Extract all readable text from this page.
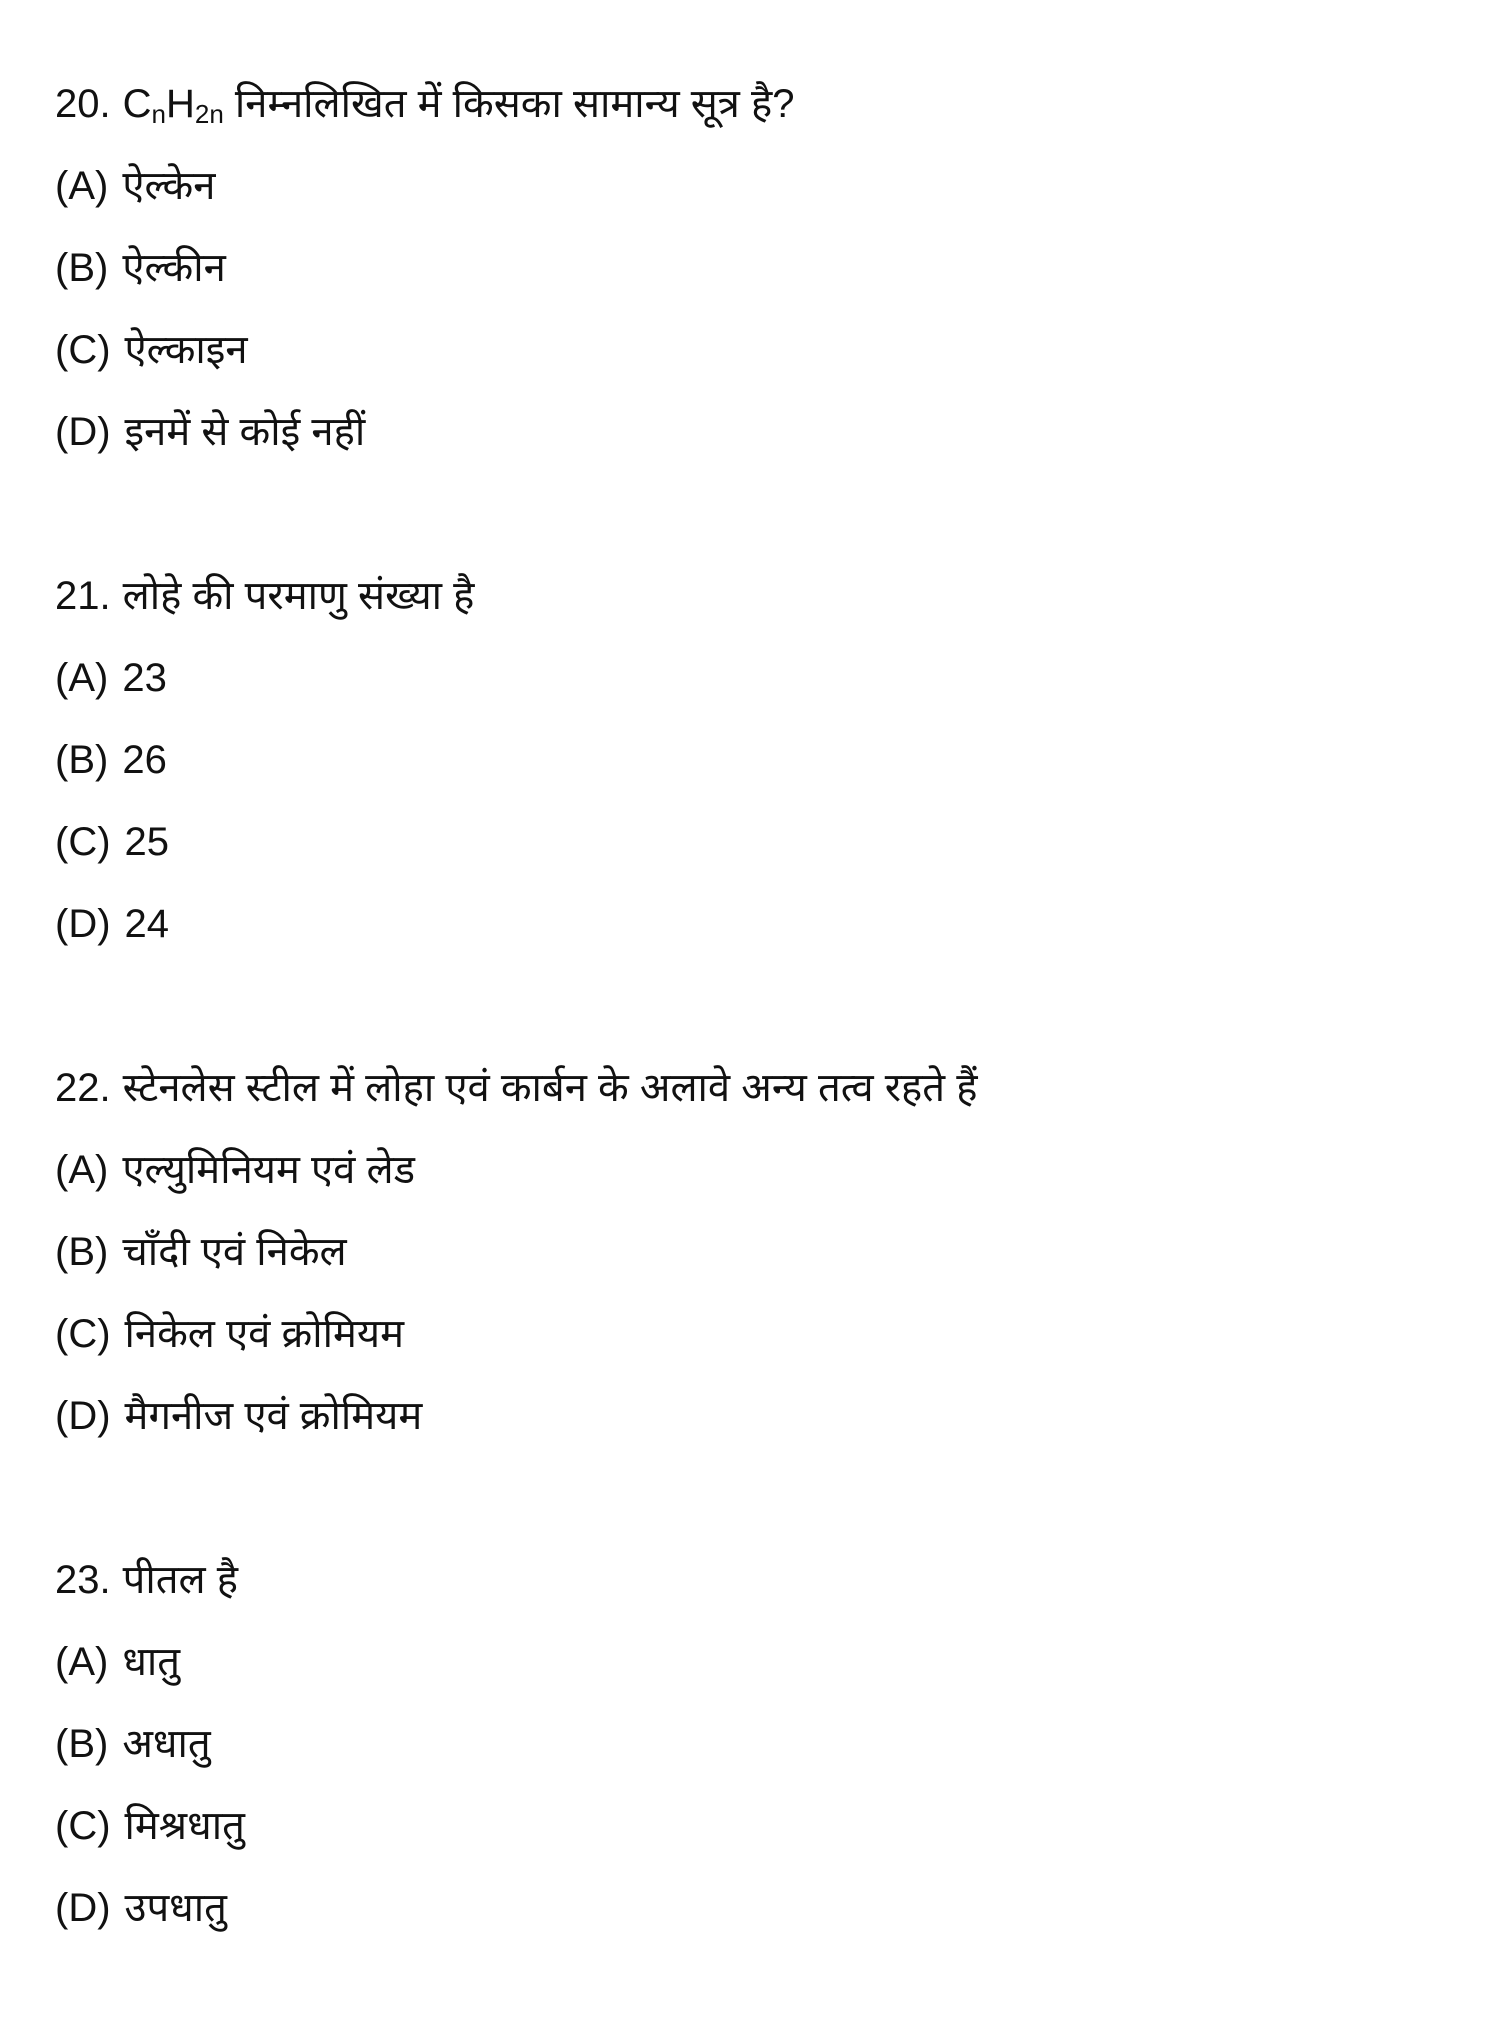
20. $C_nH_{2n}$ निम्नलिखित में किसका सामान्य सूत्र है?
(A) ऐल्केन
(B) ऐल्कीन
(C) ऐल्काइन
(D) इनमें से कोई नहीं
21. लोहे की परमाणु संख्या है
(A) 23
(B) 26
(C) 25
(D) 24
22. स्टेनलेस स्टील में लोहा एवं कार्बन के अलावे अन्य तत्व रहते हैं
(A) एल्युमिनियम एवं लेड
(B) चाँदी एवं निकेल
(C) निकेल एवं क्रोमियम
(D) मैगनीज एवं क्रोमियम
23. पीतल है
(A) धातु
(B) अधातु
(C) मिश्रधातु
(D) उपधातु
